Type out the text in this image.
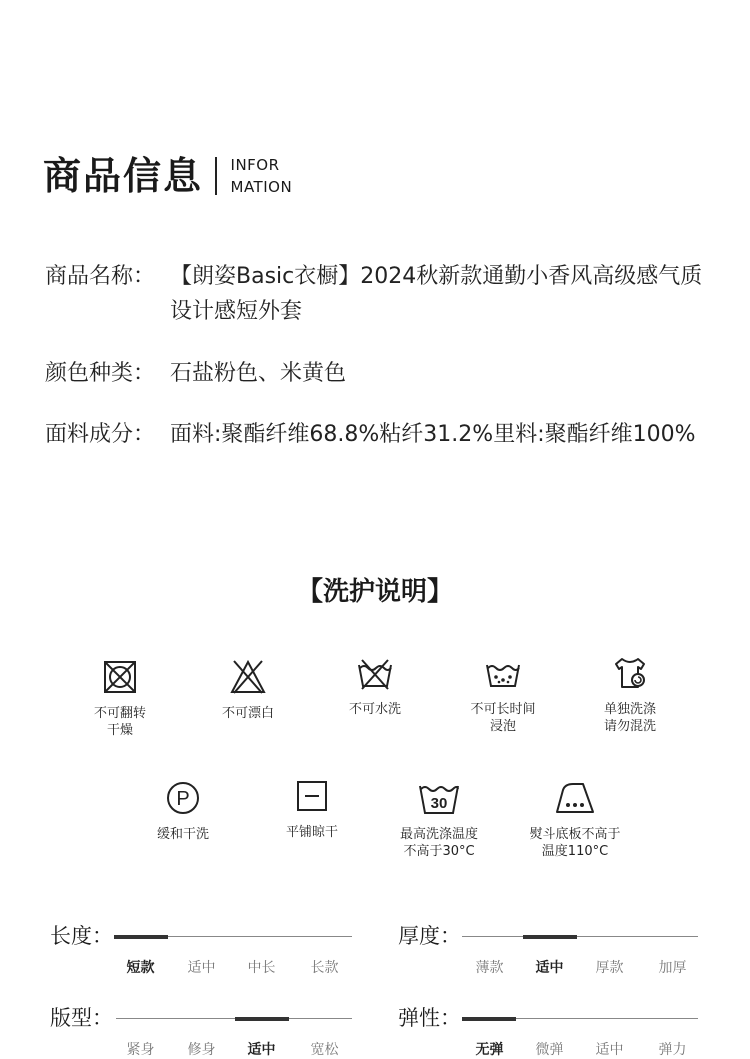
商品信息 INFOR
MATION
商品名称： 【朗姿Basic衣橱】2024秋新款通勤小香风高级感气质设计感短外套
颜色种类： 石盐粉色、米黄色
面料成分： 面料:聚酯纤维68.8%粘纤31.2%里料:聚酯纤维100%
【洗护说明】
不可翻转
干燥
不可漂白	不可水洗	不可长时间
浸泡
单独洗涤
请勿混洗
P
缓和干洗	平铺晾干
30
最高洗涤温度
不高于30°C
熨斗底板不高于
温度110°C
长度：
短款	适中	中长	长款
厚度：
薄款	适中	厚款	加厚
版型：
紧身	修身	适中	宽松
弹性：
无弹	微弹	适中	弹力
